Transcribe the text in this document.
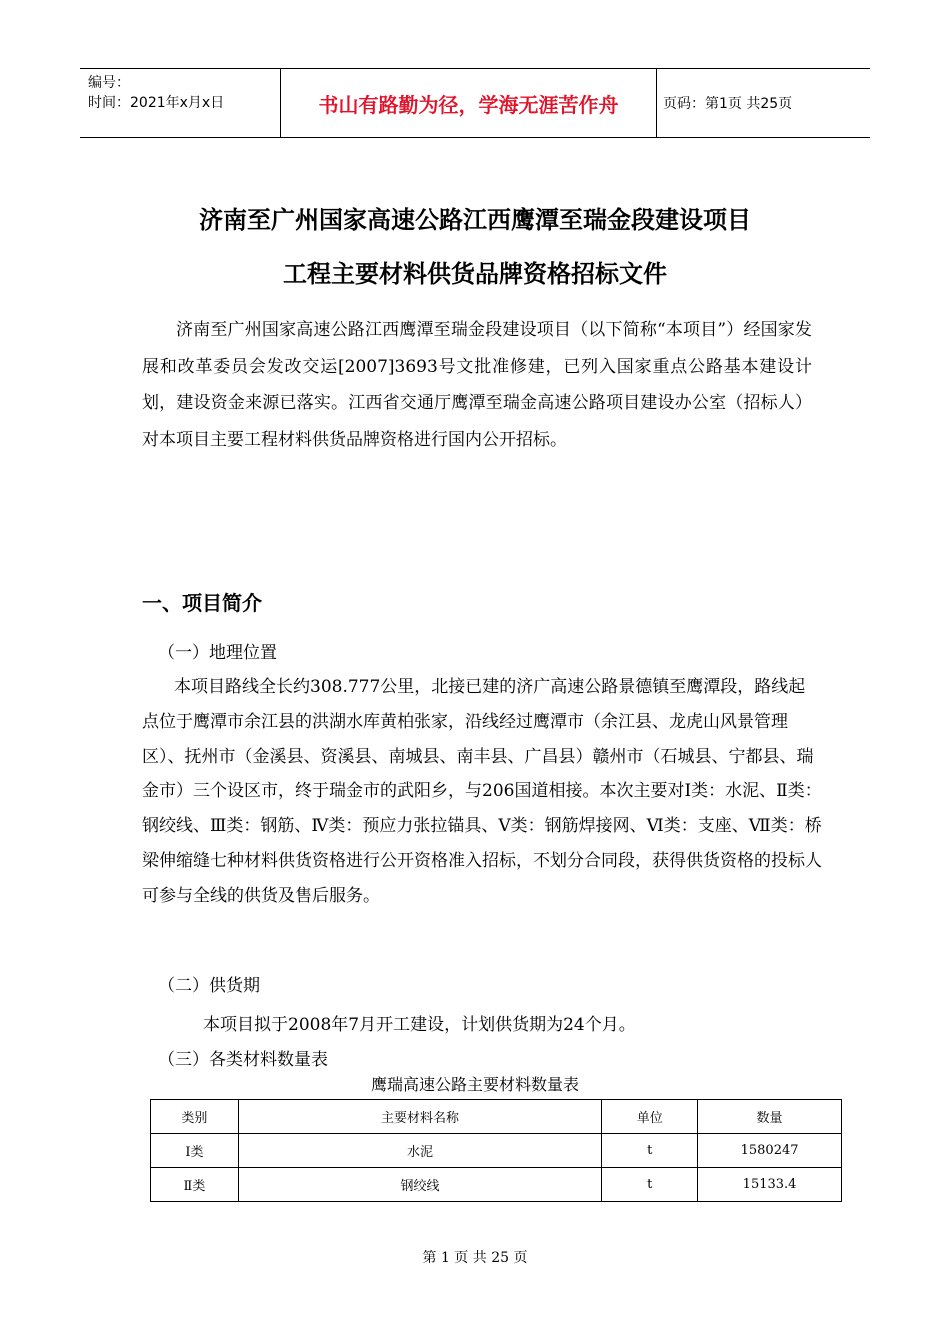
编号：
时间：2021年x月x日	书山有路勤为径，学海无涯苦作舟	页码：第1页 共25页
济南至广州国家高速公路江西鹰潭至瑞金段建设项目
工程主要材料供货品牌资格招标文件

济南至广州国家高速公路江西鹰潭至瑞金段建设项目（以下简称“本项目”）经国家发展和改革委员会发改交运[2007]3693号文批准修建，已列入国家重点公路基本建设计划，建设资金来源已落实。江西省交通厅鹰潭至瑞金高速公路项目建设办公室（招标人）对本项目主要工程材料供货品牌资格进行国内公开招标。

一、项目简介
（一）地理位置

本项目路线全长约308.777公里，北接已建的济广高速公路景德镇至鹰潭段，路线起点位于鹰潭市余江县的洪湖水库黄柏张家，沿线经过鹰潭市（余江县、龙虎山风景管理区）、抚州市（金溪县、资溪县、南城县、南丰县、广昌县）赣州市（石城县、宁都县、瑞金市）三个设区市，终于瑞金市的武阳乡，与206国道相接。本次主要对Ⅰ类：水泥、Ⅱ类：钢绞线、Ⅲ类：钢筋、Ⅳ类：预应力张拉锚具、Ⅴ类：钢筋焊接网、Ⅵ类：支座、Ⅶ类：桥梁伸缩缝七种材料供货资格进行公开资格准入招标，不划分合同段，获得供货资格的投标人可参与全线的供货及售后服务。

（二）供货期
本项目拟于2008年7月开工建设，计划供货期为24个月。
（三）各类材料数量表
鹰瑞高速公路主要材料数量表
类别	主要材料名称	单位	数量
Ⅰ类	水泥	t	1580247
Ⅱ类	钢绞线	t	15133.4
第 1 页 共 25 页
